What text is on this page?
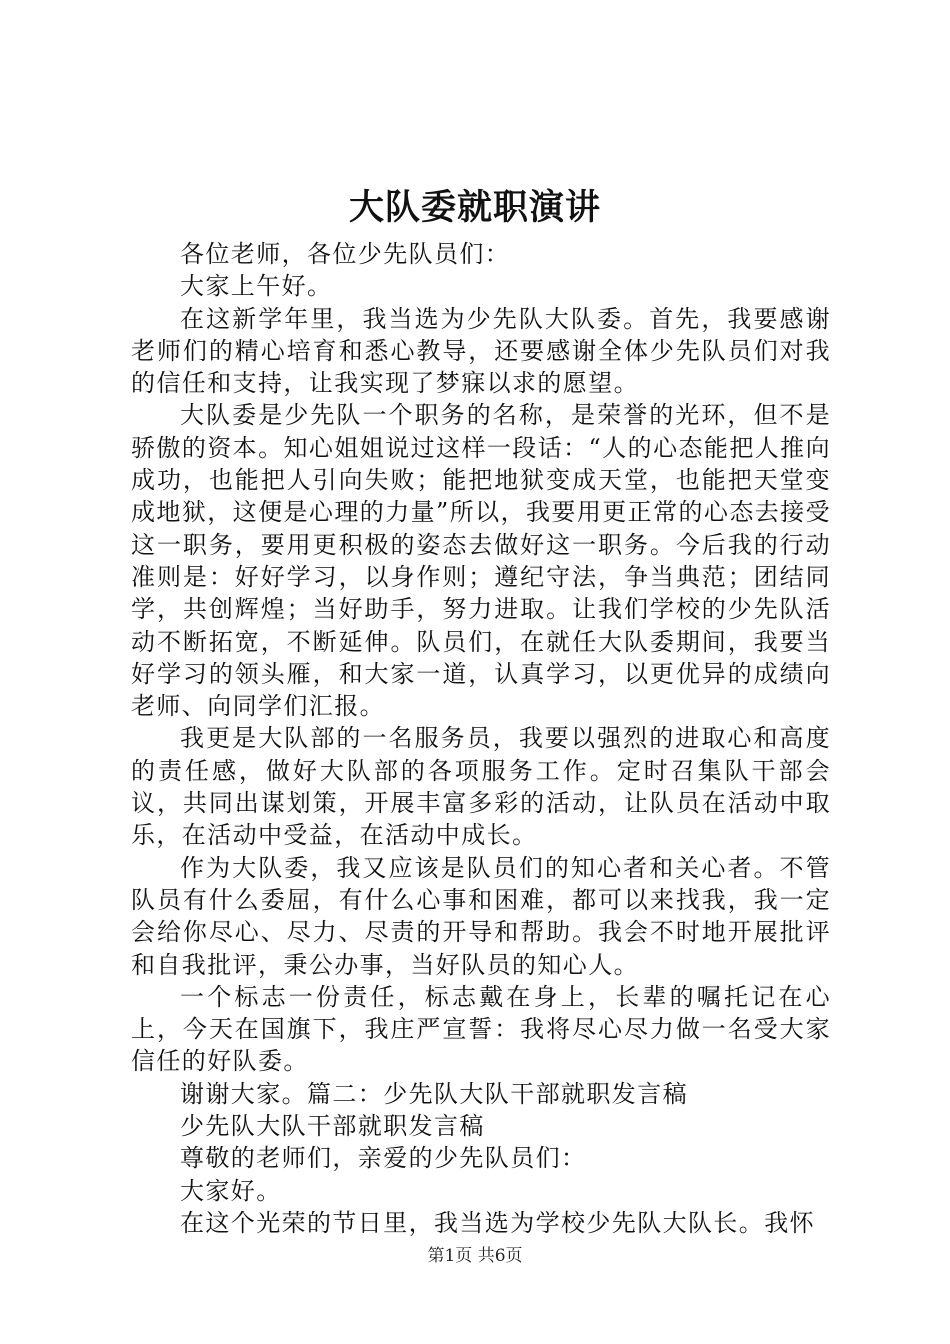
大队委就职演讲

各位老师，各位少先队员们：

大家上午好。

在这新学年里，我当选为少先队大队委。首先，我要感谢老师们的精心培育和悉心教导，还要感谢全体少先队员们对我的信任和支持，让我实现了梦寐以求的愿望。

大队委是少先队一个职务的名称，是荣誉的光环，但不是骄傲的资本。知心姐姐说过这样一段话：“人的心态能把人推向成功，也能把人引向失败；能把地狱变成天堂，也能把天堂变成地狱，这便是心理的力量”所以，我要用更正常的心态去接受这一职务，要用更积极的姿态去做好这一职务。今后我的行动准则是：好好学习，以身作则；遵纪守法，争当典范；团结同学，共创辉煌；当好助手，努力进取。让我们学校的少先队活动不断拓宽，不断延伸。队员们，在就任大队委期间，我要当好学习的领头雁，和大家一道，认真学习，以更优异的成绩向老师、向同学们汇报。

我更是大队部的一名服务员，我要以强烈的进取心和高度的责任感，做好大队部的各项服务工作。定时召集队干部会议，共同出谋划策，开展丰富多彩的活动，让队员在活动中取乐，在活动中受益，在活动中成长。

作为大队委，我又应该是队员们的知心者和关心者。不管队员有什么委屈，有什么心事和困难，都可以来找我，我一定会给你尽心、尽力、尽责的开导和帮助。我会不时地开展批评和自我批评，秉公办事，当好队员的知心人。

一个标志一份责任，标志戴在身上，长辈的嘱托记在心上，今天在国旗下，我庄严宣誓：我将尽心尽力做一名受大家信任的好队委。

谢谢大家。篇二：少先队大队干部就职发言稿

少先队大队干部就职发言稿

尊敬的老师们，亲爱的少先队员们：

大家好。

在这个光荣的节日里，我当选为学校少先队大队长。我怀

第1页 共6页
